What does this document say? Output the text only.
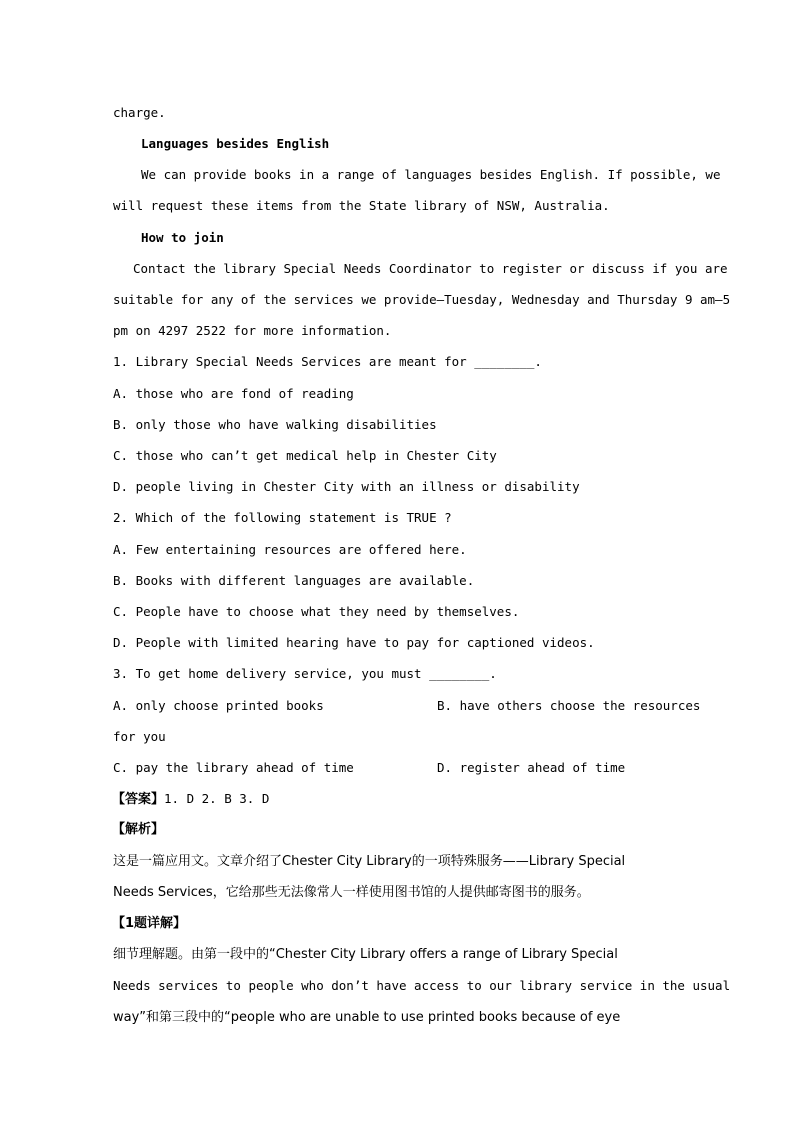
charge.
Languages besides English
We can provide books in a range of languages besides English. If possible, we
will request these items from the State library of NSW, Australia.
How to join
Contact the library Special Needs Coordinator to register or discuss if you are
suitable for any of the services we provide—Tuesday, Wednesday and Thursday 9 am—5
pm on 4297 2522 for more information.
1. Library Special Needs Services are meant for ________.
A. those who are fond of reading
B. only those who have walking disabilities
C. those who can’t get medical help in Chester City
D. people living in Chester City with an illness or disability
2. Which of the following statement is TRUE ?
A. Few entertaining resources are offered here.
B. Books with different languages are available.
C. People have to choose what they need by themselves.
D. People with limited hearing have to pay for captioned videos.
3. To get home delivery service, you must ________.
A. only choose printed books	B. have others choose the resources
for you
C. pay the library ahead of time	D. register ahead of time
【答案】1. D 2. B 3. D
【解析】
这是一篇应用文。文章介绍了Chester City Library的一项特殊服务——Library Special
Needs Services，它给那些无法像常人一样使用图书馆的人提供邮寄图书的服务。
【1题详解】
细节理解题。由第一段中的“Chester City Library offers a range of Library Special
Needs services to people who don’t have access to our library service in the usual
way”和第三段中的“people who are unable to use printed books because of eye
